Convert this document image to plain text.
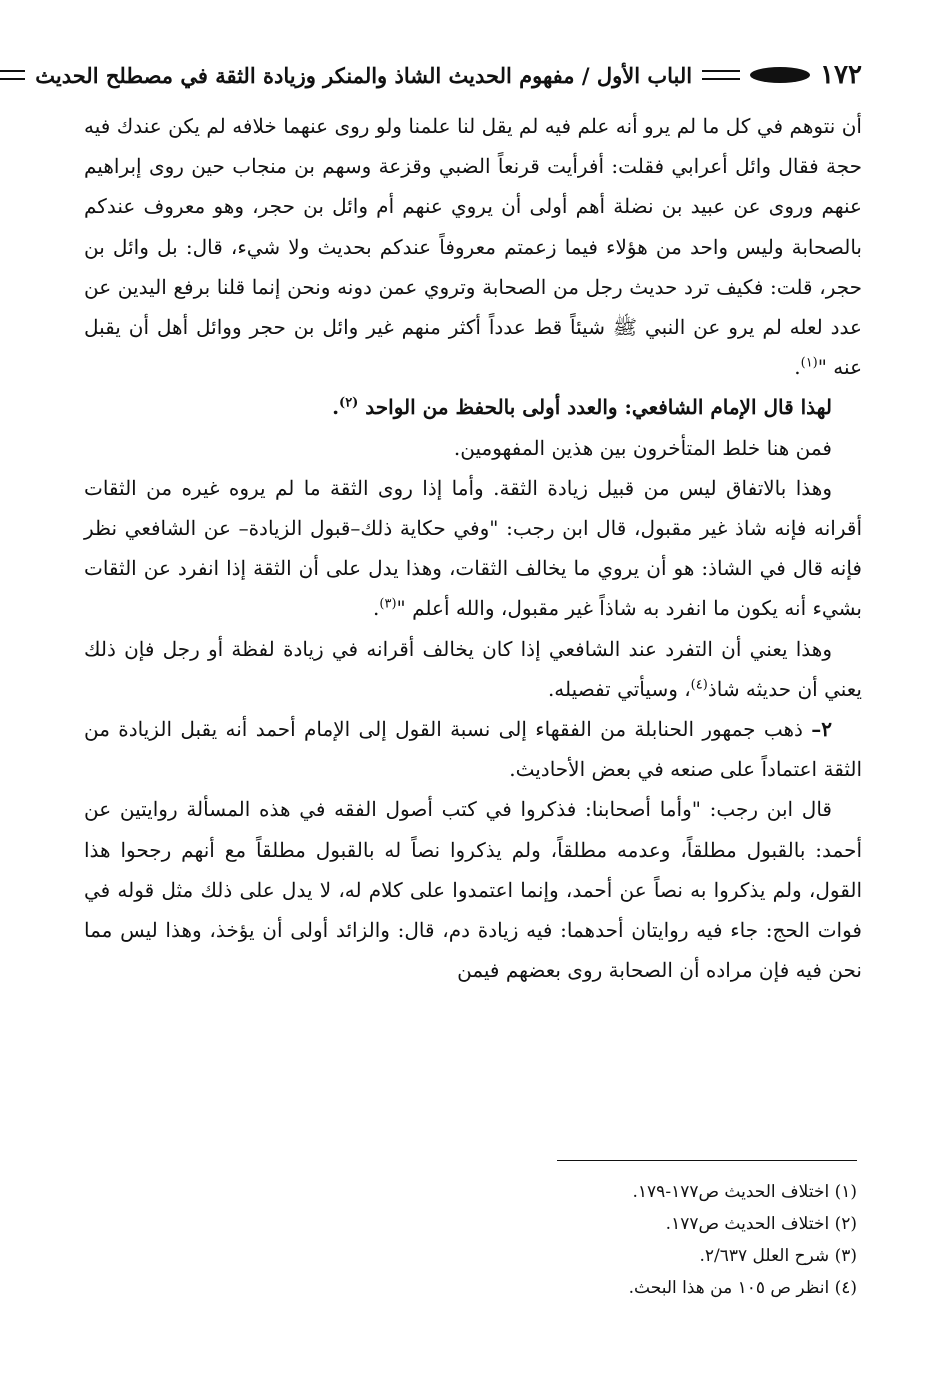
١٧٢
الباب الأول / مفهوم الحديث الشاذ والمنكر وزيادة الثقة في مصطلح الحديث

أن نتوهم في كل ما لم يرو أنه علم فيه لم يقل لنا علمنا ولو روى عنهما خلافه لم يكن عندك فيه حجة فقال وائل أعرابي فقلت: أفرأيت قرنعاً الضبي وقزعة وسهم بن منجاب حين روى إبراهيم عنهم وروى عن عبيد بن نضلة أهم أولى أن يروي عنهم أم وائل بن حجر، وهو معروف عندكم بالصحابة وليس واحد من هؤلاء فيما زعمتم معروفاً عندكم بحديث ولا شيء، قال: بل وائل بن حجر، قلت: فكيف ترد حديث رجل من الصحابة وتروي عمن دونه ونحن إنما قلنا برفع اليدين عن عدد لعله لم يرو عن النبي ﷺ شيئاً قط عدداً أكثر منهم غير وائل بن حجر ووائل أهل أن يقبل عنه "$^{(١)}$.

لهذا قال الإمام الشافعي: والعدد أولى بالحفظ من الواحد $^{(٢)}$.

فمن هنا خلط المتأخرون بين هذين المفهومين.

وهذا بالاتفاق ليس من قبيل زيادة الثقة. وأما إذا روى الثقة ما لم يروه غيره من الثقات أقرانه فإنه شاذ غير مقبول، قال ابن رجب: "وفي حكاية ذلك–قبول الزيادة– عن الشافعي نظر فإنه قال في الشاذ: هو أن يروي ما يخالف الثقات، وهذا يدل على أن الثقة إذا انفرد عن الثقات بشيء أنه يكون ما انفرد به شاذاً غير مقبول، والله أعلم "$^{(٣)}$.

وهذا يعني أن التفرد عند الشافعي إذا كان يخالف أقرانه في زيادة لفظة أو رجل فإن ذلك يعني أن حديثه شاذ$^{(٤)}$، وسيأتي تفصيله.

٢– ذهب جمهور الحنابلة من الفقهاء إلى نسبة القول إلى الإمام أحمد أنه يقبل الزيادة من الثقة اعتماداً على صنعه في بعض الأحاديث.

قال ابن رجب: "وأما أصحابنا: فذكروا في كتب أصول الفقه في هذه المسألة روايتين عن أحمد: بالقبول مطلقاً، وعدمه مطلقاً، ولم يذكروا نصاً له بالقبول مطلقاً مع أنهم رجحوا هذا القول، ولم يذكروا به نصاً عن أحمد، وإنما اعتمدوا على كلام له، لا يدل على ذلك مثل قوله في فوات الحج: جاء فيه روايتان أحدهما: فيه زيادة دم، قال: والزائد أولى أن يؤخذ، وهذا ليس مما نحن فيه فإن مراده أن الصحابة روى بعضهم فيمن

(١) اختلاف الحديث ص١٧٧-١٧٩.

(٢) اختلاف الحديث ص١٧٧.

(٣) شرح العلل ٢/٦٣٧.

(٤) انظر ص ١٠٥ من هذا البحث.
